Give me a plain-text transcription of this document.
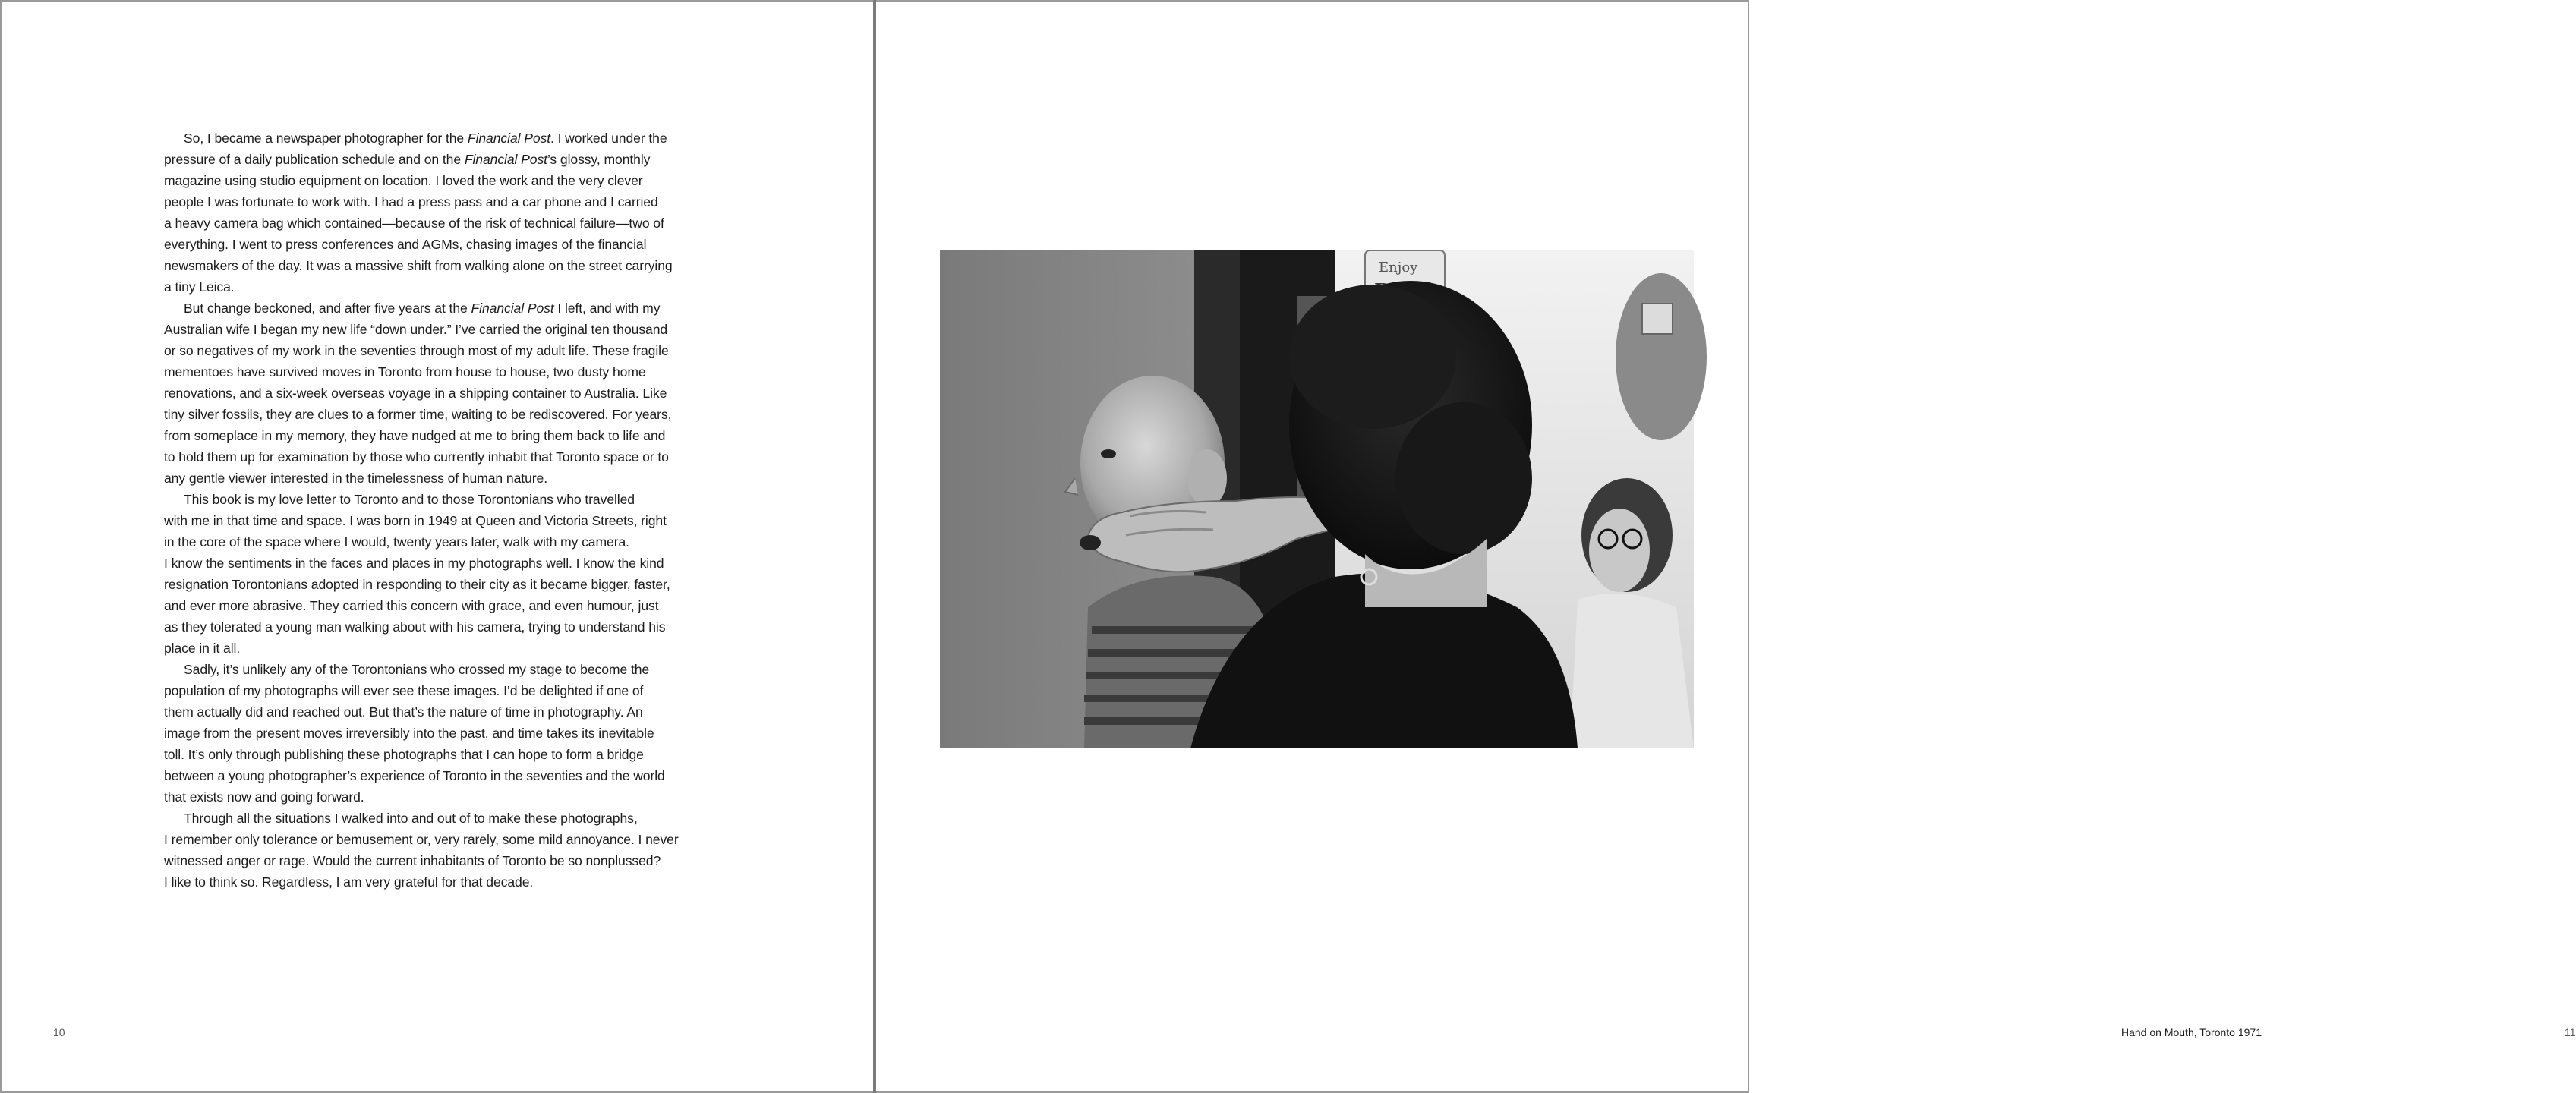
So, I became a newspaper photographer for the Financial Post. I worked under the
pressure of a daily publication schedule and on the Financial Post’s glossy, monthly
magazine using studio equipment on location. I loved the work and the very clever
people I was fortunate to work with. I had a press pass and a car phone and I carried
a heavy camera bag which contained—because of the risk of technical failure—two of
everything. I went to press conferences and AGMs, chasing images of the financial
newsmakers of the day. It was a massive shift from walking alone on the street carrying
a tiny Leica.
But change beckoned, and after five years at the Financial Post I left, and with my
Australian wife I began my new life “down under.” I’ve carried the original ten thousand
or so negatives of my work in the seventies through most of my adult life. These fragile
mementoes have survived moves in Toronto from house to house, two dusty home
renovations, and a six-week overseas voyage in a shipping container to Australia. Like
tiny silver fossils, they are clues to a former time, waiting to be rediscovered. For years,
from someplace in my memory, they have nudged at me to bring them back to life and
to hold them up for examination by those who currently inhabit that Toronto space or to
any gentle viewer interested in the timelessness of human nature.
This book is my love letter to Toronto and to those Torontonians who travelled
with me in that time and space. I was born in 1949 at Queen and Victoria Streets, right
in the core of the space where I would, twenty years later, walk with my camera.
I know the sentiments in the faces and places in my photographs well. I know the kind
resignation Torontonians adopted in responding to their city as it became bigger, faster,
and ever more abrasive. They carried this concern with grace, and even humour, just
as they tolerated a young man walking about with his camera, trying to understand his
place in it all.
Sadly, it’s unlikely any of the Torontonians who crossed my stage to become the
population of my photographs will ever see these images. I’d be delighted if one of
them actually did and reached out. But that’s the nature of time in photography. An
image from the present moves irreversibly into the past, and time takes its inevitable
toll. It’s only through publishing these photographs that I can hope to form a bridge
between a young photographer’s experience of Toronto in the seventies and the world
that exists now and going forward.
Through all the situations I walked into and out of to make these photographs,
I remember only tolerance or bemusement or, very rarely, some mild annoyance. I never
witnessed anger or rage. Would the current inhabitants of Toronto be so nonplussed?
I like to think so. Regardless, I am very grateful for that decade.
10	Hand on Mouth, Toronto 1971	11
Enjoy
